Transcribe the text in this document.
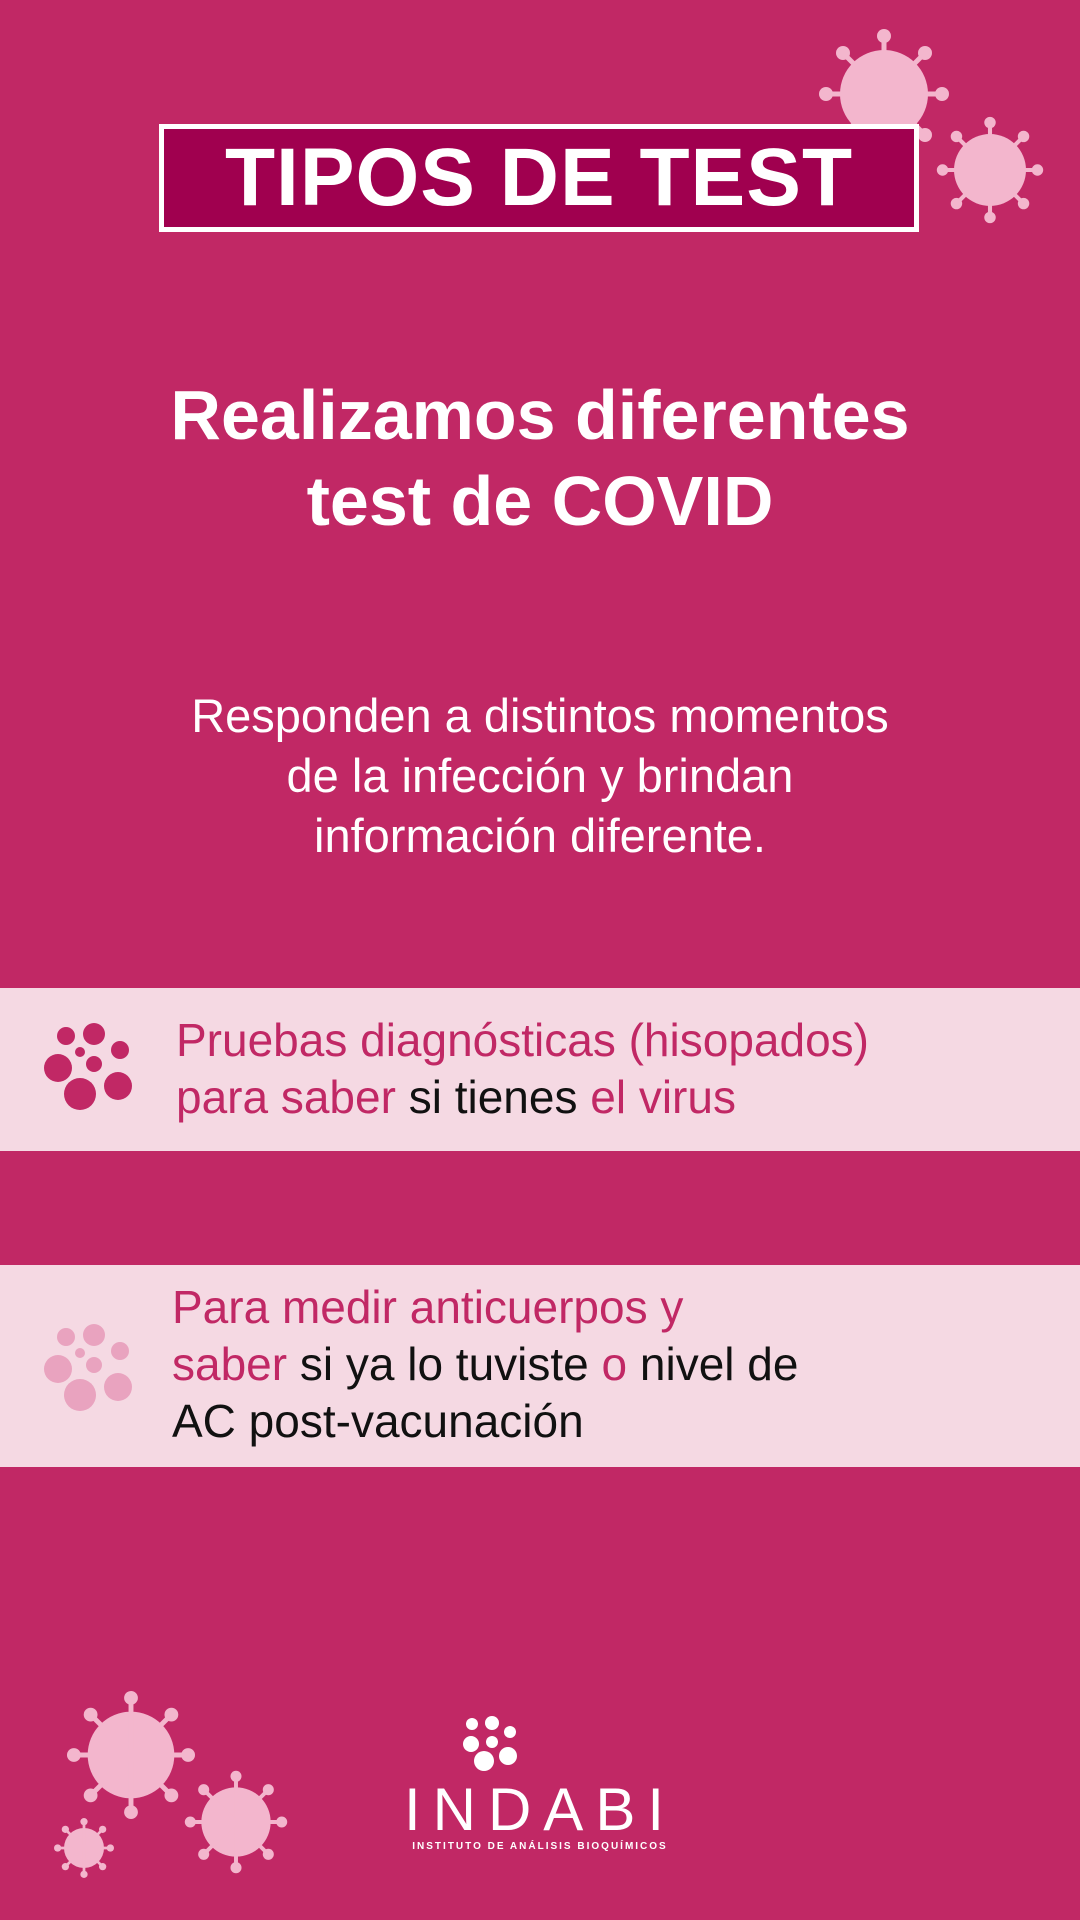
TIPOS DE TEST
Realizamos diferentes
test de COVID
Responden a distintos momentos
de la infección y brindan
información diferente.
Pruebas diagnósticas (hisopados)
para saber si tienes el virus
Para medir anticuerpos y
saber si ya lo tuviste o nivel de
AC post-vacunación
INDABI
INSTITUTO DE ANÁLISIS BIOQUÍMICOS
